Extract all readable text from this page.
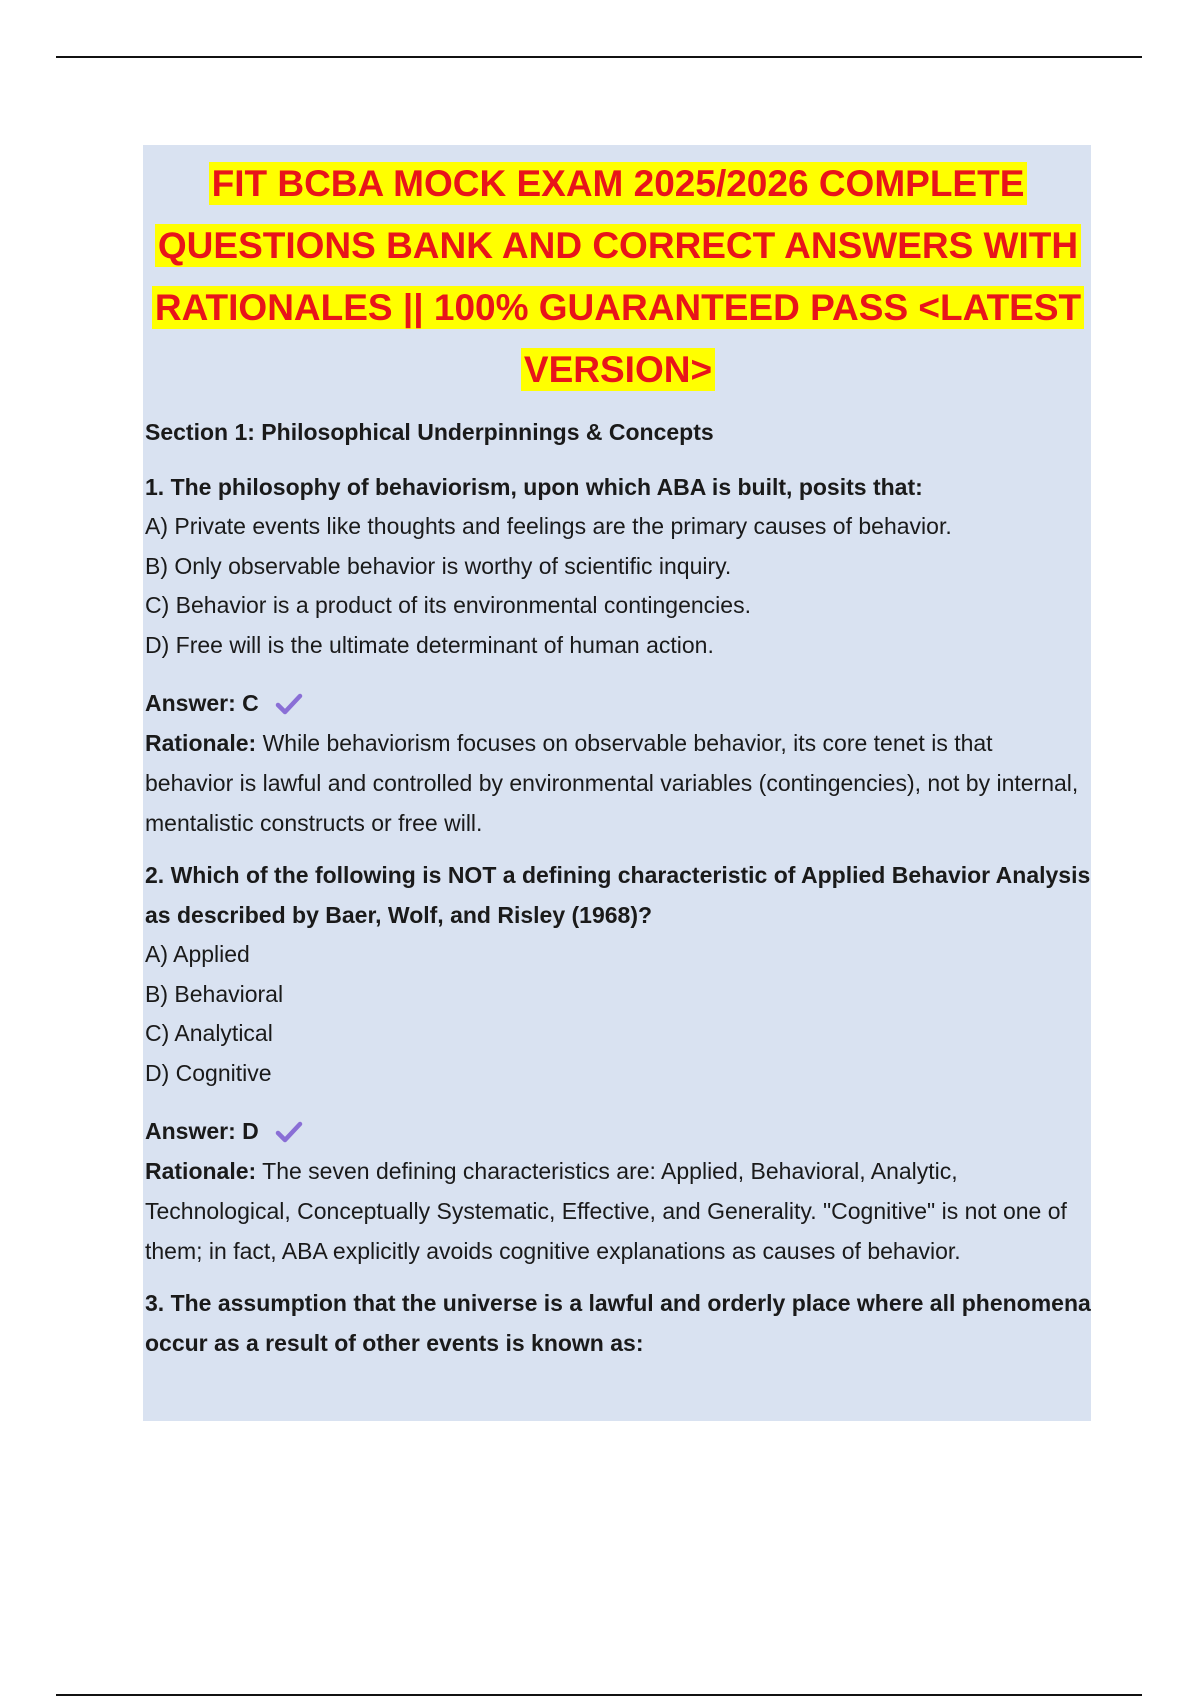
FIT BCBA MOCK EXAM 2025/2026 COMPLETE
QUESTIONS BANK AND CORRECT ANSWERS WITH
RATIONALES || 100% GUARANTEED PASS <LATEST
VERSION>
Section 1: Philosophical Underpinnings & Concepts

1. The philosophy of behaviorism, upon which ABA is built, posits that:

A) Private events like thoughts and feelings are the primary causes of behavior.
B) Only observable behavior is worthy of scientific inquiry.
C) Behavior is a product of its environmental contingencies.
D) Free will is the ultimate determinant of human action.

Answer: C

Rationale: While behaviorism focuses on observable behavior, its core tenet is that behavior is lawful and controlled by environmental variables (contingencies), not by internal, mentalistic constructs or free will.

2. Which of the following is NOT a defining characteristic of Applied Behavior Analysis as described by Baer, Wolf, and Risley (1968)?

A) Applied
B) Behavioral
C) Analytical
D) Cognitive

Answer: D

Rationale: The seven defining characteristics are: Applied, Behavioral, Analytic, Technological, Conceptually Systematic, Effective, and Generality. "Cognitive" is not one of them; in fact, ABA explicitly avoids cognitive explanations as causes of behavior.

3. The assumption that the universe is a lawful and orderly place where all phenomena occur as a result of other events is known as:
